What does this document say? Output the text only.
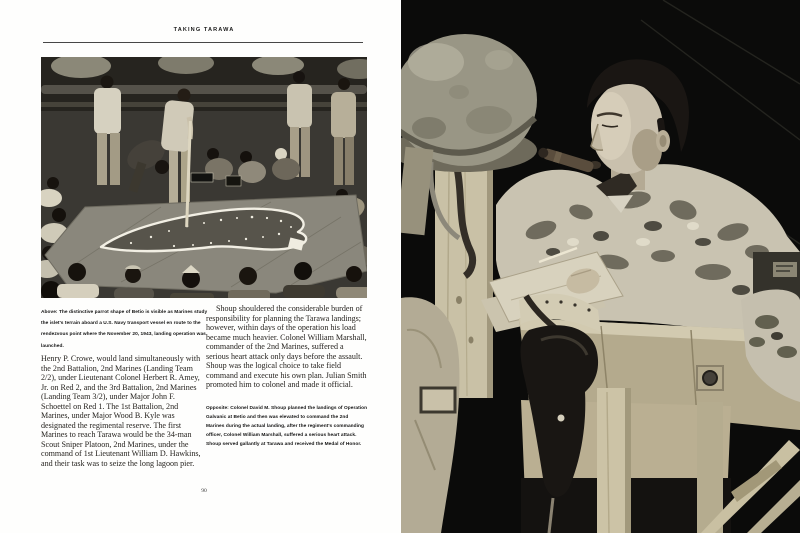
TAKING TARAWA
Above: The distinctive parrot shape of Betio is visible as Marines study the islet's terrain aboard a U.S. Navy transport vessel en route to the rendezvous point where the November 20, 1943, landing operation was launched.

Henry P. Crowe, would land simultaneously with the 2nd Battalion, 2nd Marines (Landing Team 2/2), under Lieutenant Colonel Herbert R. Amey, Jr. on Red 2, and the 3rd Battalion, 2nd Marines (Landing Team 3/2), under Major John F. Schoettel on Red 1. The 1st Battalion, 2nd Marines, under Major Wood B. Kyle was designated the regimental reserve. The first Marines to reach Tarawa would be the 34-man Scout Sniper Platoon, 2nd Marines, under the command of 1st Lieutenant William D. Hawkins, and their task was to seize the long lagoon pier.

Shoup shouldered the considerable burden of responsibility for planning the Tarawa landings; however, within days of the operation his load became much heavier. Colonel William Marshall, commander of the 2nd Marines, suffered a serious heart attack only days before the assault. Shoup was the logical choice to take field command and execute his own plan. Julian Smith promoted him to colonel and made it official.

Opposite: Colonel David M. Shoup planned the landings of Operation Galvanic at Betio and then was elevated to command the 2nd Marines during the actual landing, after the regiment's commanding officer, Colonel William Marshall, suffered a serious heart attack. Shoup served gallantly at Tarawa and received the Medal of Honor.
90
